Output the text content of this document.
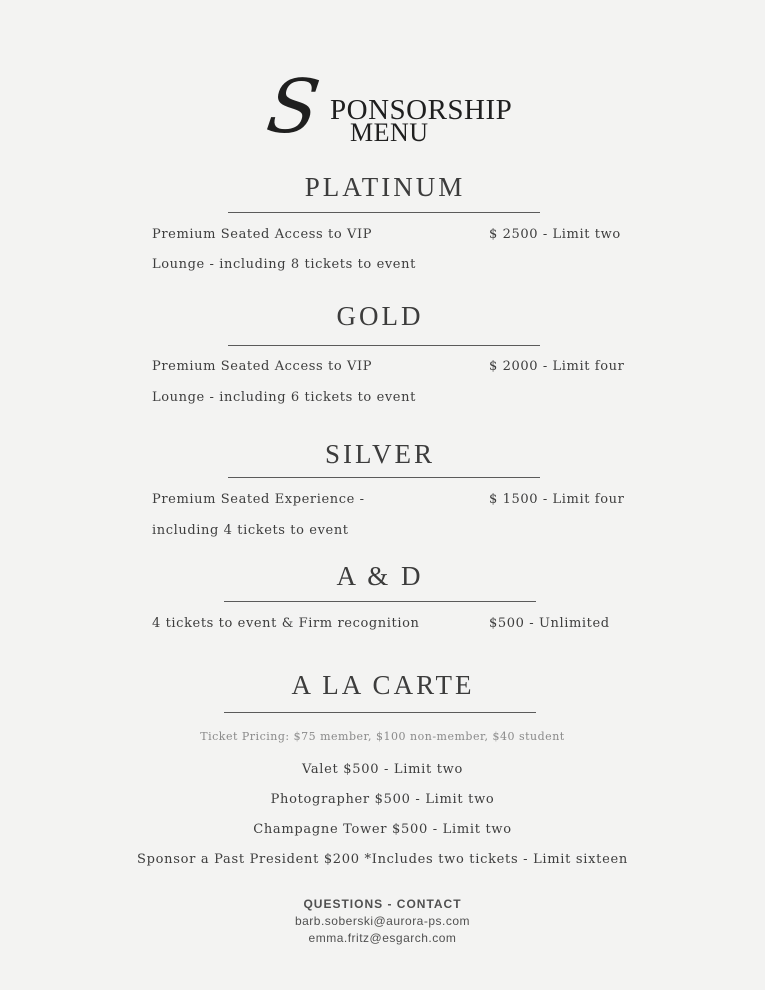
S PONSORSHIP
MENU
PLATINUM
Premium Seated Access to VIP
Lounge - including 8 tickets to event
$ 2500 - Limit two
GOLD
Premium Seated Access to VIP
Lounge - including 6 tickets to event
$ 2000 - Limit four
SILVER
Premium Seated Experience -
including 4 tickets to event
$ 1500 - Limit four
A & D
4 tickets to event & Firm recognition	$500 - Unlimited
A LA CARTE
Ticket Pricing: $75 member, $100 non-member, $40 student
Valet $500 - Limit two
Photographer $500 - Limit two
Champagne Tower $500 - Limit two
Sponsor a Past President $200 *Includes two tickets - Limit sixteen
QUESTIONS - CONTACT
barb.soberski@aurora-ps.com
emma.fritz@esgarch.com
